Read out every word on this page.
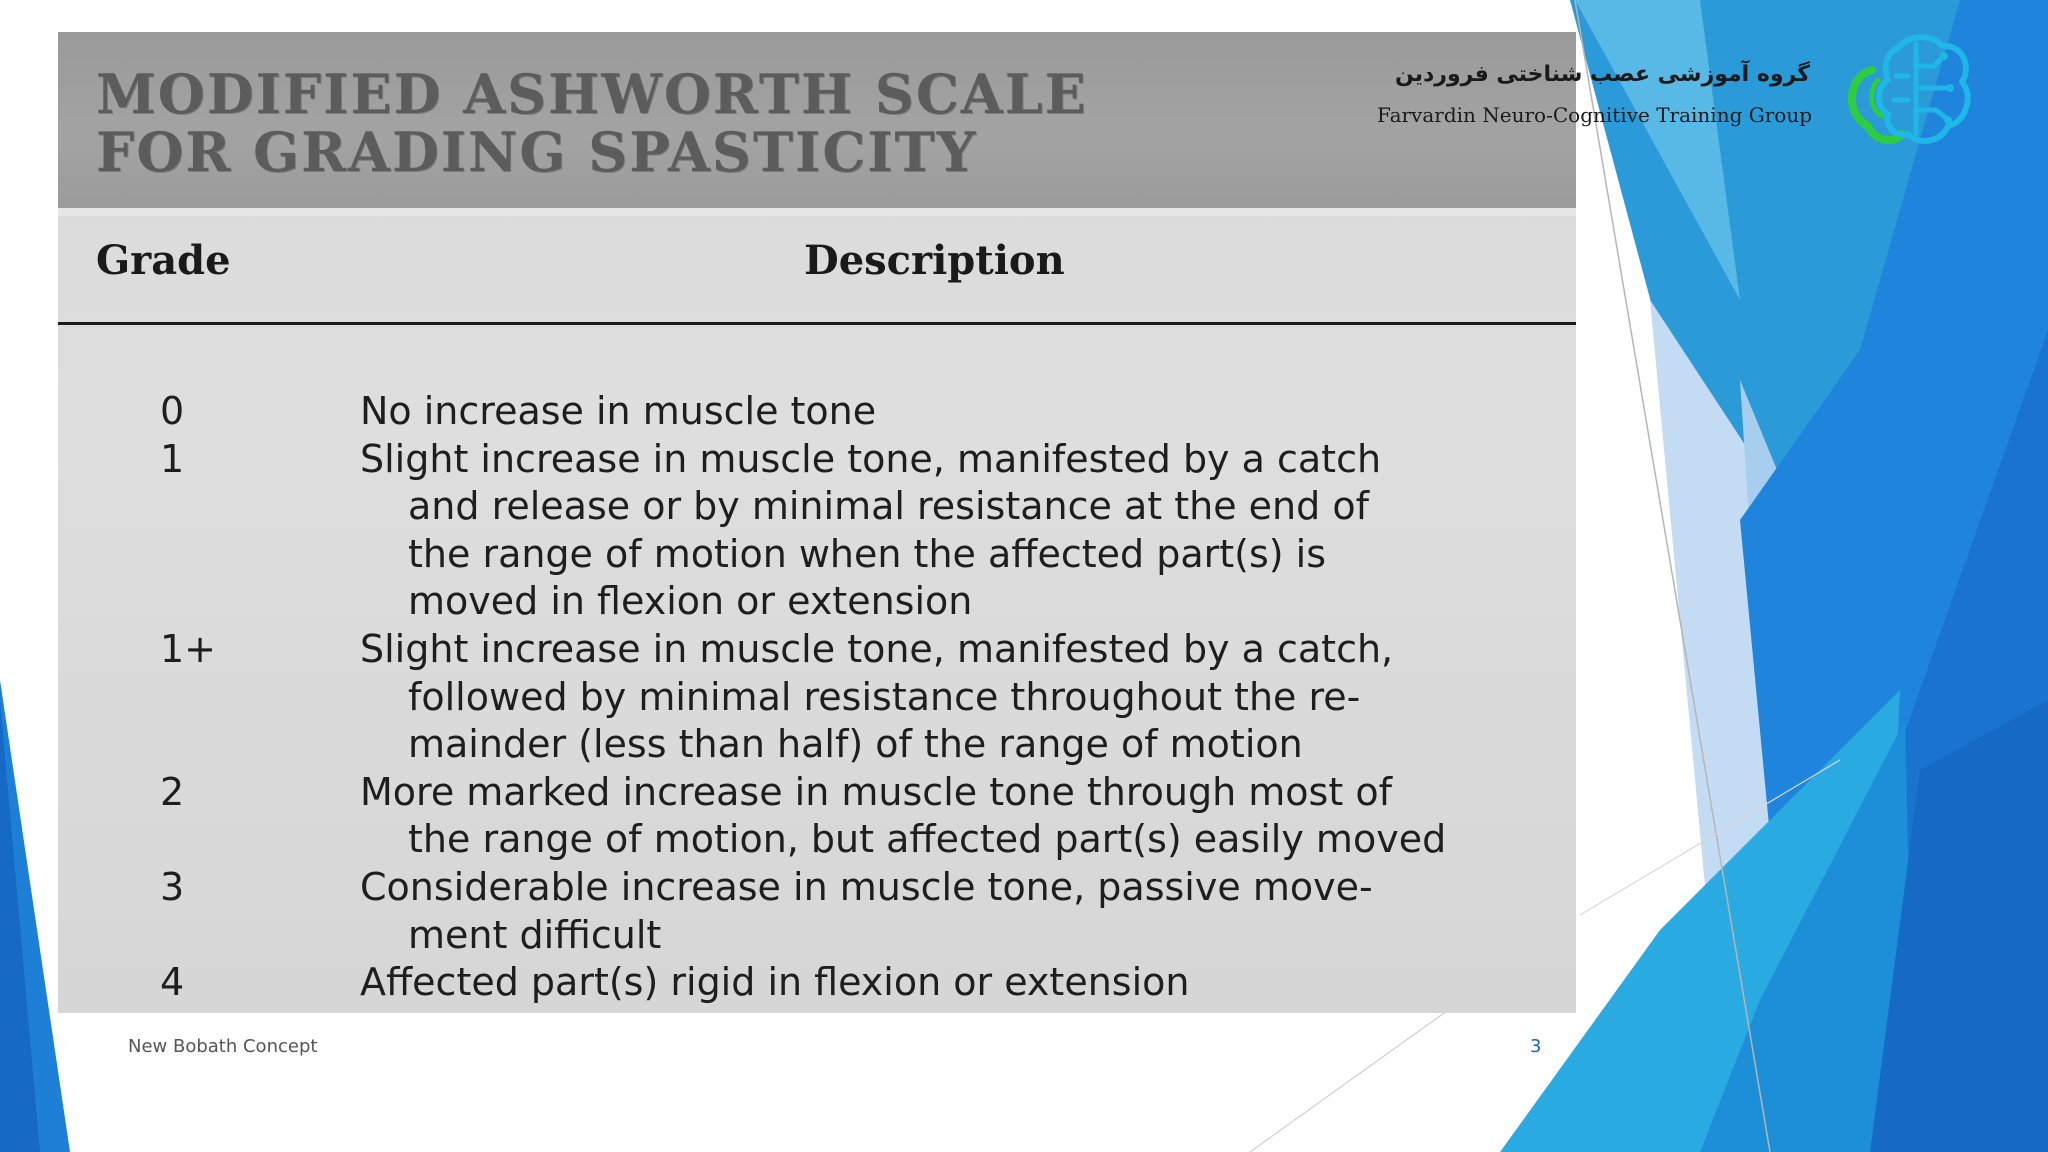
MODIFIED ASHWORTH SCALE
FOR GRADING SPASTICITY
Grade	Description
0	No increase in muscle tone
1	Slight increase in muscle tone, manifested by a catch
and release or by minimal resistance at the end of
the range of motion when the affected part(s) is
moved in flexion or extension
1+	Slight increase in muscle tone, manifested by a catch,
followed by minimal resistance throughout the re-
mainder (less than half) of the range of motion
2	More marked increase in muscle tone through most of
the range of motion, but affected part(s) easily moved
3	Considerable increase in muscle tone, passive move-
ment difficult
4	Affected part(s) rigid in flexion or extension
گروه آموزشی عصب شناختی فروردین
Farvardin Neuro-Cognitive Training Group
New Bobath Concept	3
